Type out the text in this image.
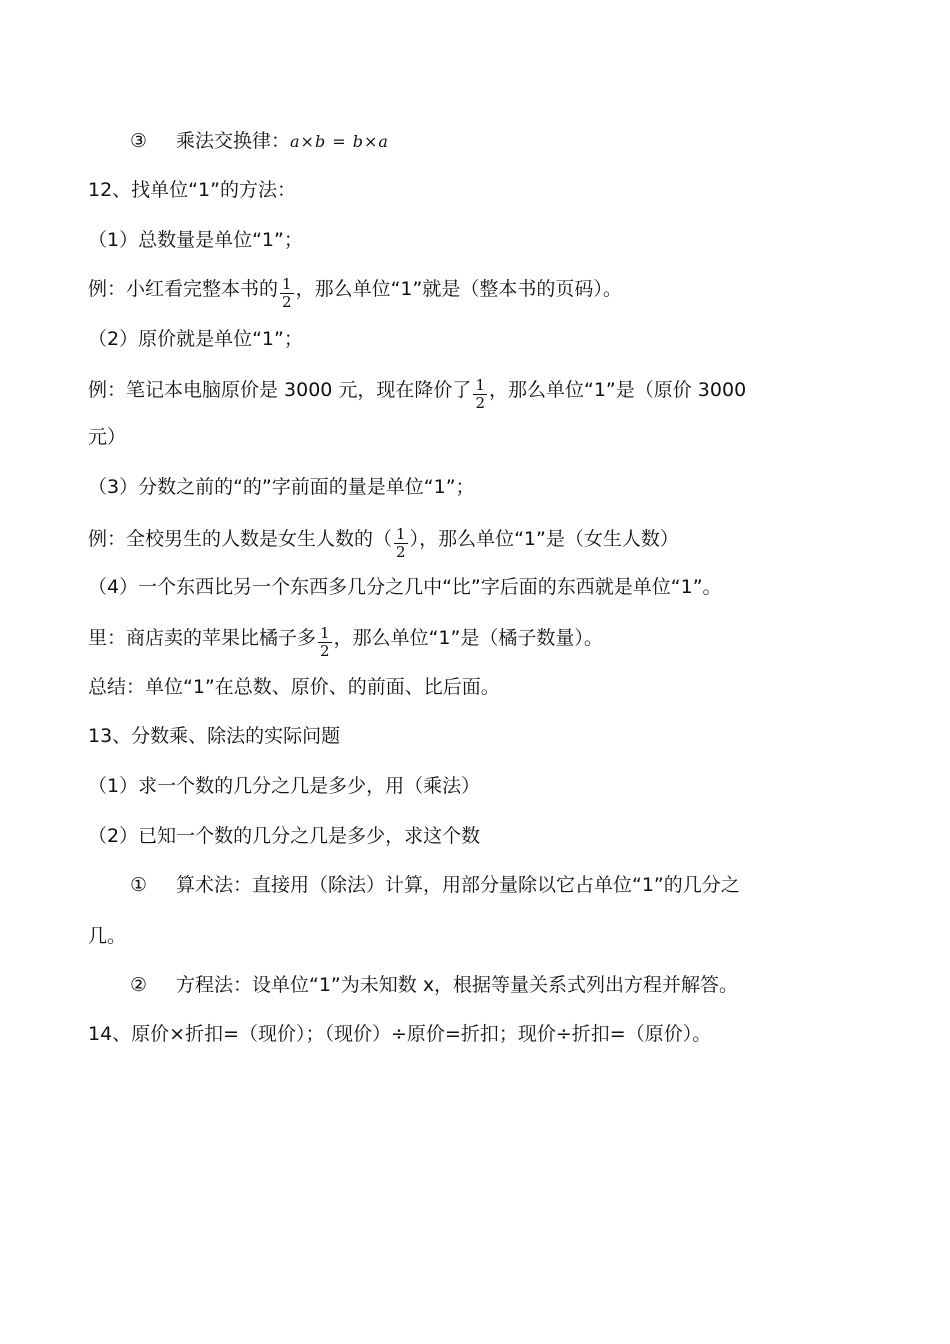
③ 乘法交换律：a×b = b×a
12、找单位“1”的方法：
（1）总数量是单位“1”；
例：小红看完整本书的 $\frac{1}{2}$ ，那么单位“1”就是（整本书的页码）。
（2）原价就是单位“1”；
例：笔记本电脑原价是 3000 元，现在降价了 $\frac{1}{2}$ ，那么单位“1”是（原价 3000
元）
（3）分数之前的“的”字前面的量是单位“1”；
例：全校男生的人数是女生人数的（ $\frac{1}{2}$ ），那么单位“1”是（女生人数）
（4）一个东西比另一个东西多几分之几中“比”字后面的东西就是单位“1”。
里：商店卖的苹果比橘子多 $\frac{1}{2}$ ，那么单位“1”是（橘子数量）。
总结：单位“1”在总数、原价、的前面、比后面。
13、分数乘、除法的实际问题
（1）求一个数的几分之几是多少，用（乘法）
（2）已知一个数的几分之几是多少，求这个数
① 算术法：直接用（除法）计算，用部分量除以它占单位“1”的几分之
几。
② 方程法：设单位“1”为未知数 x，根据等量关系式列出方程并解答。
14、原价×折扣=（现价）；（现价）÷原价=折扣；现价÷折扣=（原价）。
